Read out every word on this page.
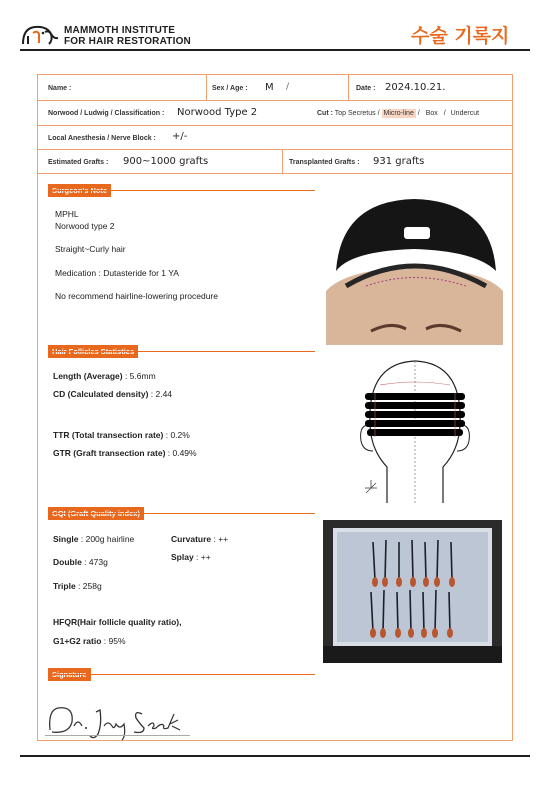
MAMMOTH INSTITUTE
FOR HAIR RESTORATION	수술 기록지
Name :	Sex / Age : M /	Date : 2024.10.21.
Norwood / Ludwig / Classification : Norwood Type 2	Cut : Top Secretus / Micro-line / Box / Undercut
Local Anesthesia / Nerve Block : +/-
Estimated Grafts : 900~1000 grafts	Transplanted Grafts : 931 grafts
MPHL
Norwood type 2
Straight~Curly hair
Medication : Dutasteride for 1 YA
No recommend hairline-lowering procedure
Length (Average) : 5.6mm
CD (Calculated density) : 2.44
TTR (Total transection rate) : 0.2%
GTR (Graft transection rate) : 0.49%
Single : 200g hairline
Double : 473g
Triple : 258g
Curvature : ++
Splay : ++
HFQR(Hair follicle quality ratio),
G1+G2 ratio : 95%
